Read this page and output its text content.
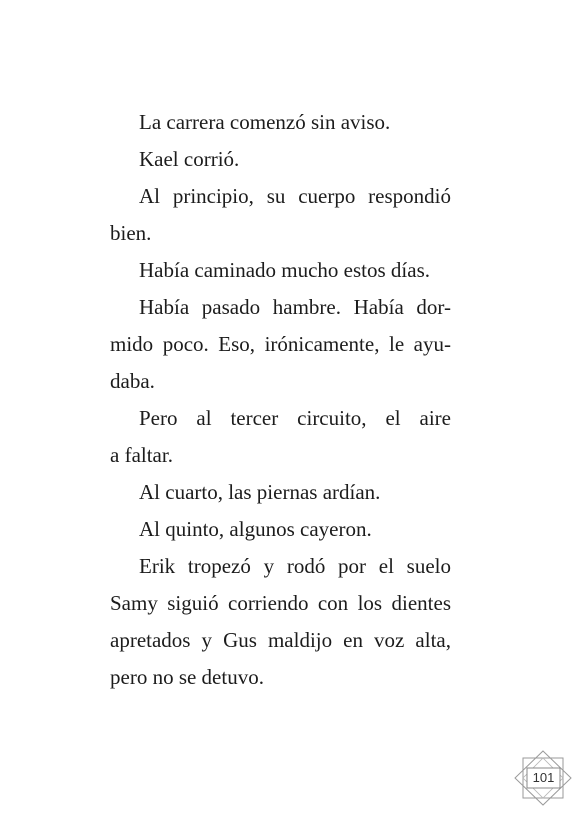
La carrera comenzó sin aviso.
Kael corrió.
Al principio, su cuerpo respondió
bien.
Había caminado mucho estos días.
Había pasado hambre. Había dor-
mido poco. Eso, irónicamente, le ayu-
daba.
Pero al tercer circuito, el aire
a faltar.
Al cuarto, las piernas ardían.
Al quinto, algunos cayeron.
Erik tropezó y rodó por el suelo
Samy siguió corriendo con los dientes
apretados y Gus maldijo en voz alta,
pero no se detuvo.
101
